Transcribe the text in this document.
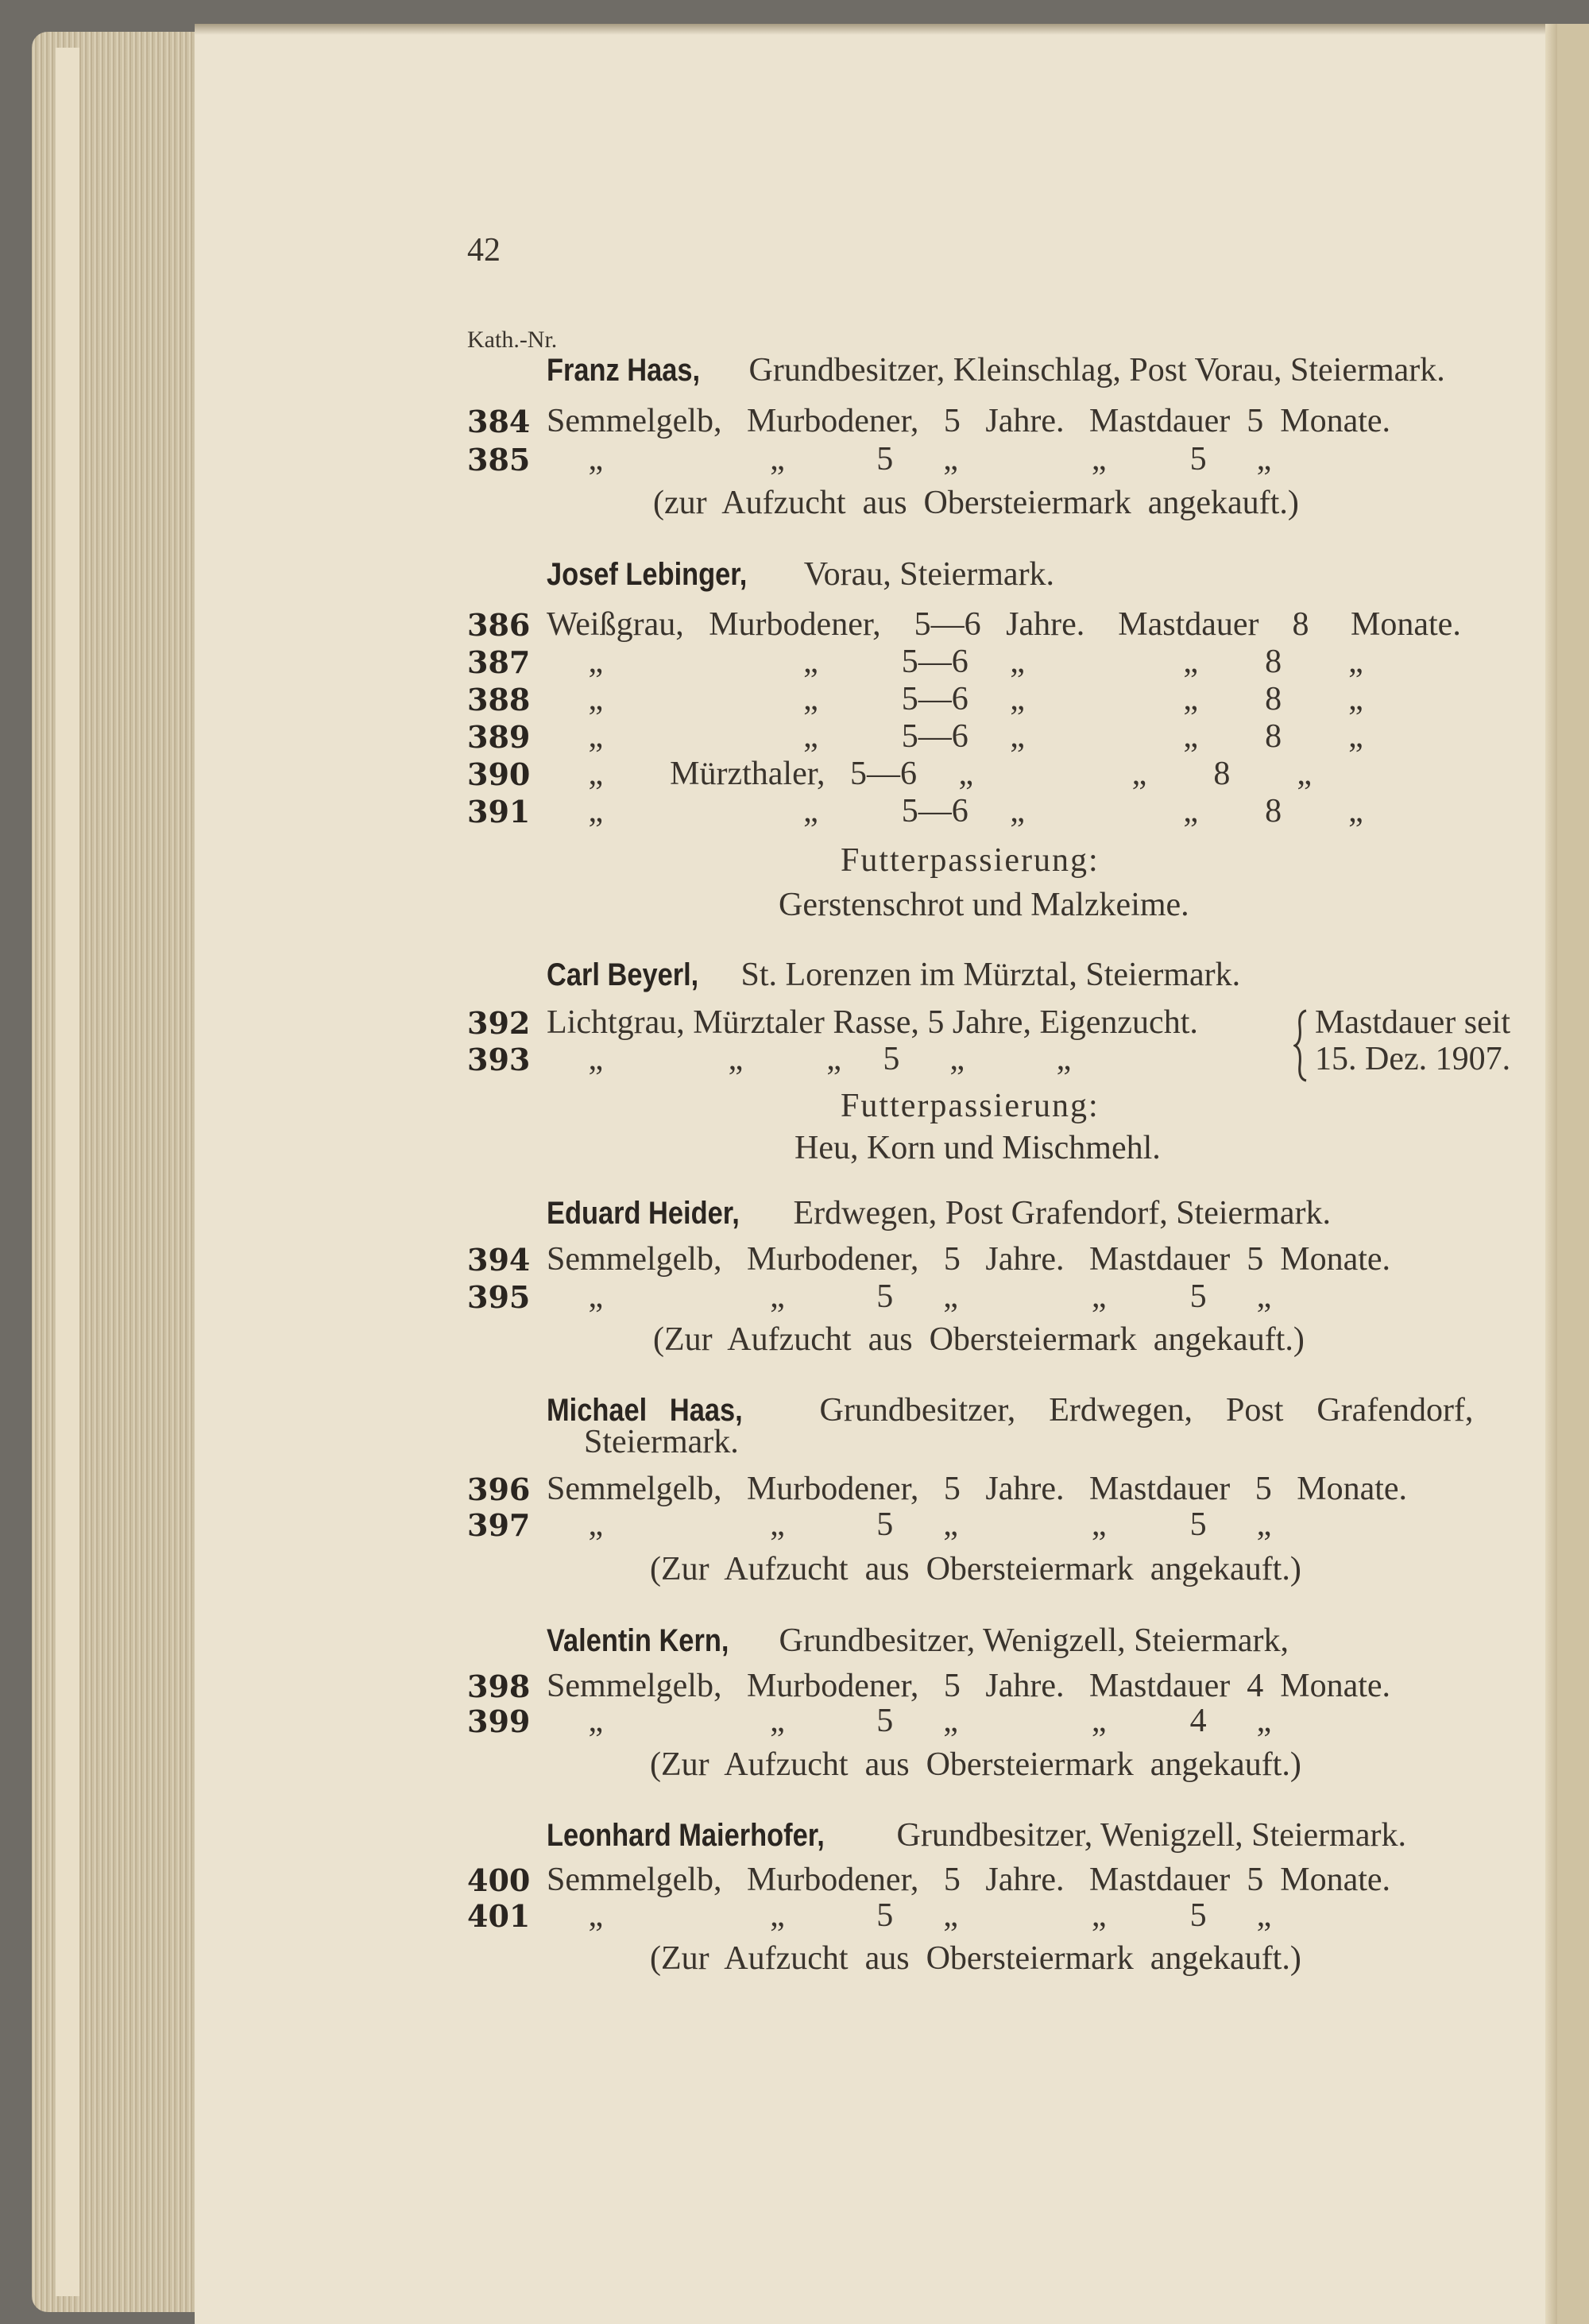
42
Kath.-Nr.
Franz Haas, Grundbesitzer, Kleinschlag, Post Vorau, Steiermark.
384 Semmelgelb,   Murbodener,   5   Jahre.   Mastdauer  5  Monate.
385 „                    „           5      „                „          5      „
(zur  Aufzucht  aus  Obersteiermark  angekauft.)
Josef Lebinger, Vorau, Steiermark.
386 Weißgrau,   Murbodener,    5—6   Jahre.    Mastdauer    8     Monate.
387 „                        „          5—6     „                   „        8        „
388 „                        „          5—6     „                   „        8        „
389 „                        „          5—6     „                   „        8        „
390 „        Mürzthaler,   5—6     „                   „        8        „
391 „                        „          5—6     „                   „        8        „
Futterpassierung:
Gerstenschrot und Malzkeime.
Carl Beyerl, St. Lorenzen im Mürztal, Steiermark.
392 Lichtgrau, Mürztaler Rasse, 5 Jahre, Eigenzucht.
393 „               „          „     5      „           „
Mastdauer seit
15. Dez. 1907.
Futterpassierung:
Heu, Korn und Mischmehl.
Eduard Heider, Erdwegen, Post Grafendorf, Steiermark.
394 Semmelgelb,   Murbodener,   5   Jahre.   Mastdauer  5  Monate.
395 „                    „           5      „                „          5      „
(Zur  Aufzucht  aus  Obersteiermark  angekauft.)
Michael   Haas, Grundbesitzer,    Erdwegen,    Post    Grafendorf,
Steiermark.
396 Semmelgelb,   Murbodener,   5   Jahre.   Mastdauer   5   Monate.
397 „                    „           5      „                „          5      „
(Zur  Aufzucht  aus  Obersteiermark  angekauft.)
Valentin Kern, Grundbesitzer, Wenigzell, Steiermark,
398 Semmelgelb,   Murbodener,   5   Jahre.   Mastdauer  4  Monate.
399 „                    „           5      „                „          4      „
(Zur  Aufzucht  aus  Obersteiermark  angekauft.)
Leonhard Maierhofer, Grundbesitzer, Wenigzell, Steiermark.
400 Semmelgelb,   Murbodener,   5   Jahre.   Mastdauer  5  Monate.
401 „                    „           5      „                „          5      „
(Zur  Aufzucht  aus  Obersteiermark  angekauft.)
